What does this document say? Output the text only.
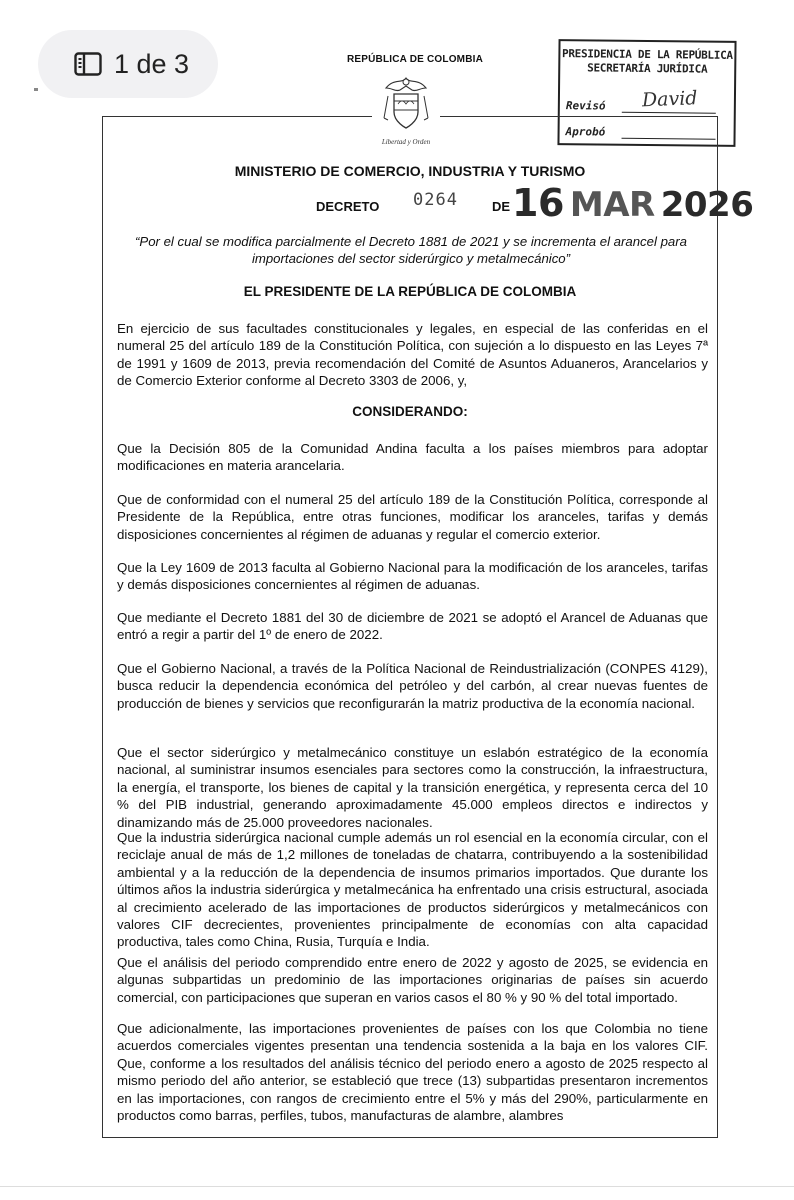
1 de 3	REPÚBLICA DE COLOMBIA
Libertad y Orden
PRESIDENCIA DE LA REPÚBLICA
SECRETARÍA JURÍDICA
Revisó David
Aprobó
MINISTERIO DE COMERCIO, INDUSTRIA Y TURISMO
DECRETO 0264	DE 16 MAR 2026
“Por el cual se modifica parcialmente el Decreto 1881 de 2021 y se incrementa el arancel para importaciones del sector siderúrgico y metalmecánico”
EL PRESIDENTE DE LA REPÚBLICA DE COLOMBIA

En ejercicio de sus facultades constitucionales y legales, en especial de las conferidas en el numeral 25 del artículo 189 de la Constitución Política, con sujeción a lo dispuesto en las Leyes 7ª de 1991 y 1609 de 2013, previa recomendación del Comité de Asuntos Aduaneros, Arancelarios y de Comercio Exterior conforme al Decreto 3303 de 2006, y,

CONSIDERANDO:

Que la Decisión 805 de la Comunidad Andina faculta a los países miembros para adoptar modificaciones en materia arancelaria.

Que de conformidad con el numeral 25 del artículo 189 de la Constitución Política, corresponde al Presidente de la República, entre otras funciones, modificar los aranceles, tarifas y demás disposiciones concernientes al régimen de aduanas y regular el comercio exterior.

Que la Ley 1609 de 2013 faculta al Gobierno Nacional para la modificación de los aranceles, tarifas y demás disposiciones concernientes al régimen de aduanas.

Que mediante el Decreto 1881 del 30 de diciembre de 2021 se adoptó el Arancel de Aduanas que entró a regir a partir del 1º de enero de 2022.

Que el Gobierno Nacional, a través de la Política Nacional de Reindustrialización (CONPES 4129), busca reducir la dependencia económica del petróleo y del carbón, al crear nuevas fuentes de producción de bienes y servicios que reconfigurarán la matriz productiva de la economía nacional.

Que el sector siderúrgico y metalmecánico constituye un eslabón estratégico de la economía nacional, al suministrar insumos esenciales para sectores como la construcción, la infraestructura, la energía, el transporte, los bienes de capital y la transición energética, y representa cerca del 10 % del PIB industrial, generando aproximadamente 45.000 empleos directos e indirectos y dinamizando más de 25.000 proveedores nacionales.

Que la industria siderúrgica nacional cumple además un rol esencial en la economía circular, con el reciclaje anual de más de 1,2 millones de toneladas de chatarra, contribuyendo a la sostenibilidad ambiental y a la reducción de la dependencia de insumos primarios importados. Que durante los últimos años la industria siderúrgica y metalmecánica ha enfrentado una crisis estructural, asociada al crecimiento acelerado de las importaciones de productos siderúrgicos y metalmecánicos con valores CIF decrecientes, provenientes principalmente de economías con alta capacidad productiva, tales como China, Rusia, Turquía e India.

Que el análisis del periodo comprendido entre enero de 2022 y agosto de 2025, se evidencia en algunas subpartidas un predominio de las importaciones originarias de países sin acuerdo comercial, con participaciones que superan en varios casos el 80 % y 90 % del total importado.

Que adicionalmente, las importaciones provenientes de países con los que Colombia no tiene acuerdos comerciales vigentes presentan una tendencia sostenida a la baja en los valores CIF. Que, conforme a los resultados del análisis técnico del periodo enero a agosto de 2025 respecto al mismo periodo del año anterior, se estableció que trece (13) subpartidas presentaron incrementos en las importaciones, con rangos de crecimiento entre el 5% y más del 290%, particularmente en productos como barras, perfiles, tubos, manufacturas de alambre, alambres
